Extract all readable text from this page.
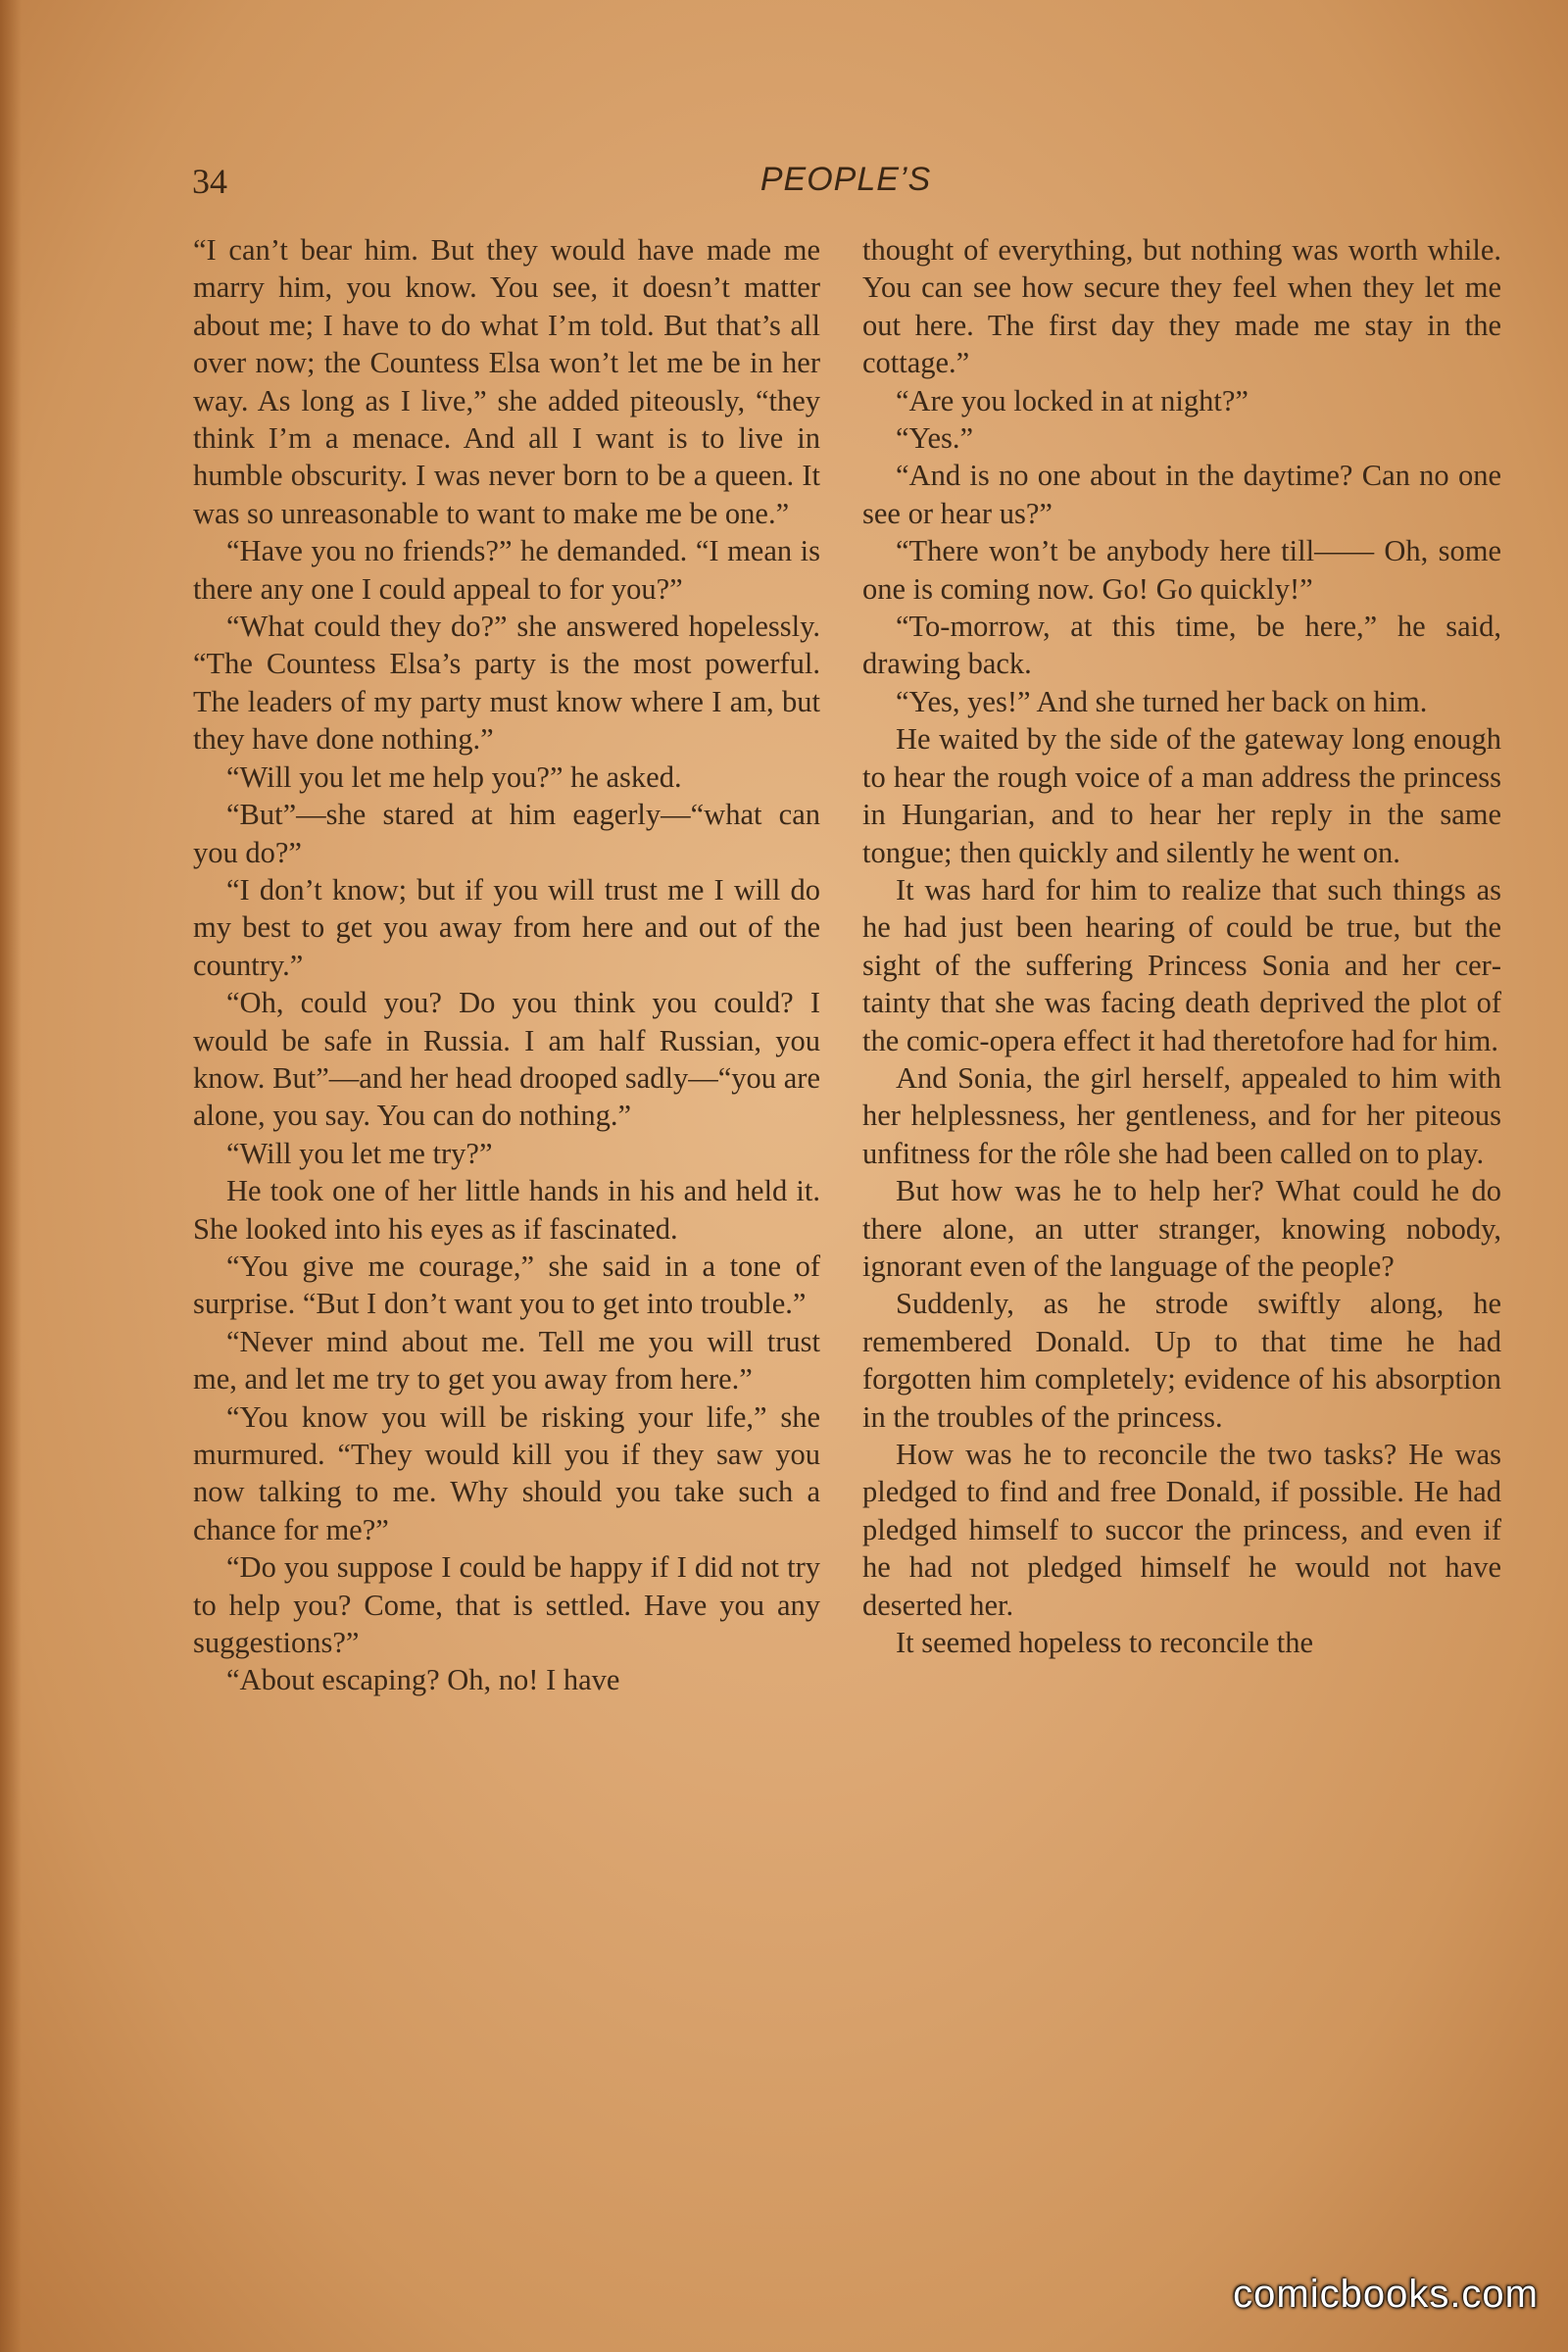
34	PEOPLE’S

“I can’t bear him. But they would have made me marry him, you know. You see, it doesn’t matter about me; I have to do what I’m told. But that’s all over now; the Countess Elsa won’t let me be in her way. As long as I live,” she added piteously, “they think I’m a menace. And all I want is to live in humble obscurity. I was never born to be a queen. It was so unreasonable to want to make me be one.”

“Have you no friends?” he demanded. “I mean is there any one I could appeal to for you?”

“What could they do?” she answered hopelessly. “The Countess Elsa’s party is the most powerful. The leaders of my party must know where I am, but they have done nothing.”

“Will you let me help you?” he asked.

“But”—she stared at him eagerly—“what can you do?”

“I don’t know; but if you will trust me I will do my best to get you away from here and out of the country.”

“Oh, could you? Do you think you could? I would be safe in Russia. I am half Russian, you know. But”—and her head drooped sadly—“you are alone, you say. You can do nothing.”

“Will you let me try?”

He took one of her little hands in his and held it. She looked into his eyes as if fascinated.

“You give me courage,” she said in a tone of surprise. “But I don’t want you to get into trouble.”

“Never mind about me. Tell me you will trust me, and let me try to get you away from here.”

“You know you will be risking your life,” she murmured. “They would kill you if they saw you now talking to me. Why should you take such a chance for me?”

“Do you suppose I could be happy if I did not try to help you? Come, that is settled. Have you any suggestions?”

“About escaping? Oh, no! I have

thought of everything, but nothing was worth while. You can see how secure they feel when they let me out here. The first day they made me stay in the cottage.”

“Are you locked in at night?”

“Yes.”

“And is no one about in the daytime? Can no one see or hear us?”

“There won’t be anybody here till—— Oh, some one is coming now. Go! Go quickly!”

“To-morrow, at this time, be here,” he said, drawing back.

“Yes, yes!” And she turned her back on him.

He waited by the side of the gateway long enough to hear the rough voice of a man address the princess in Hungarian, and to hear her reply in the same tongue; then quickly and silently he went on.

It was hard for him to realize that such things as he had just been hearing of could be true, but the sight of the suffering Princess Sonia and her certainty that she was facing death deprived the plot of the comic-opera effect it had theretofore had for him.

And Sonia, the girl herself, appealed to him with her helplessness, her gentleness, and for her piteous unfitness for the rôle she had been called on to play.

But how was he to help her? What could he do there alone, an utter stranger, knowing nobody, ignorant even of the language of the people?

Suddenly, as he strode swiftly along, he remembered Donald. Up to that time he had forgotten him completely; evidence of his absorption in the troubles of the princess.

How was he to reconcile the two tasks? He was pledged to find and free Donald, if possible. He had pledged himself to succor the princess, and even if he had not pledged himself he would not have deserted her.

It seemed hopeless to reconcile the

comicbooks.com
